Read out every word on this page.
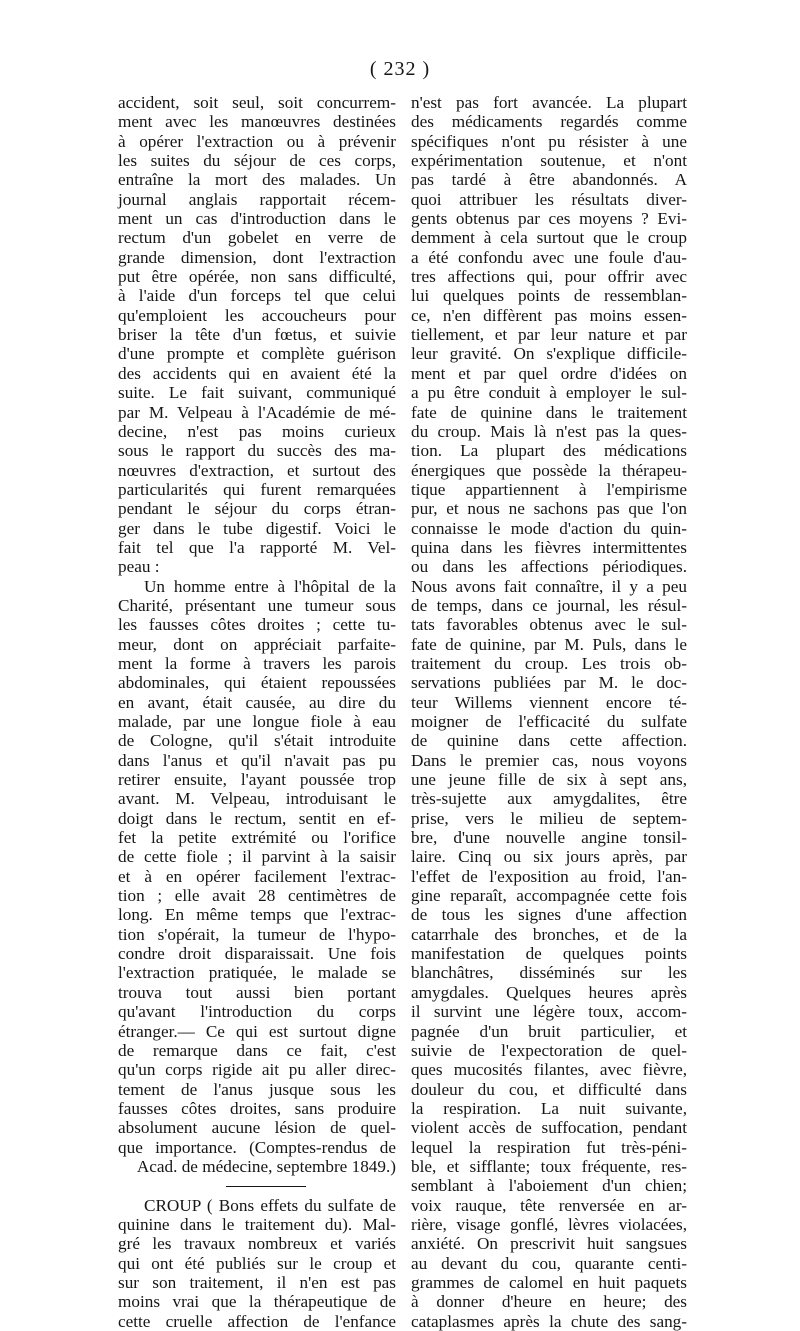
( 232 )
accident, soit seul, soit concurrem-
ment avec les manœuvres destinées
à opérer l'extraction ou à prévenir
les suites du séjour de ces corps,
entraîne la mort des malades. Un
journal anglais rapportait récem-
ment un cas d'introduction dans le
rectum d'un gobelet en verre de
grande dimension, dont l'extraction
put être opérée, non sans difficulté,
à l'aide d'un forceps tel que celui
qu'emploient les accoucheurs pour
briser la tête d'un fœtus, et suivie
d'une prompte et complète guérison
des accidents qui en avaient été la
suite. Le fait suivant, communiqué
par M. Velpeau à l'Académie de mé-
decine, n'est pas moins curieux
sous le rapport du succès des ma-
nœuvres d'extraction, et surtout des
particularités qui furent remarquées
pendant le séjour du corps étran-
ger dans le tube digestif. Voici le
fait tel que l'a rapporté M. Vel-
peau :
Un homme entre à l'hôpital de la
Charité, présentant une tumeur sous
les fausses côtes droites ; cette tu-
meur, dont on appréciait parfaite-
ment la forme à travers les parois
abdominales, qui étaient repoussées
en avant, était causée, au dire du
malade, par une longue fiole à eau
de Cologne, qu'il s'était introduite
dans l'anus et qu'il n'avait pas pu
retirer ensuite, l'ayant poussée trop
avant. M. Velpeau, introduisant le
doigt dans le rectum, sentit en ef-
fet la petite extrémité ou l'orifice
de cette fiole ; il parvint à la saisir
et à en opérer facilement l'extrac-
tion ; elle avait 28 centimètres de
long. En même temps que l'extrac-
tion s'opérait, la tumeur de l'hypo-
condre droit disparaissait. Une fois
l'extraction pratiquée, le malade se
trouva tout aussi bien portant
qu'avant l'introduction du corps
étranger.— Ce qui est surtout digne
de remarque dans ce fait, c'est
qu'un corps rigide ait pu aller direc-
tement de l'anus jusque sous les
fausses côtes droites, sans produire
absolument aucune lésion de quel-
que importance. (Comptes-rendus de
Acad. de médecine, septembre 1849.)
CROUP ( Bons effets du sulfate de
quinine dans le traitement du). Mal-
gré les travaux nombreux et variés
qui ont été publiés sur le croup et
sur son traitement, il n'en est pas
moins vrai que la thérapeutique de
cette cruelle affection de l'enfance
n'est pas fort avancée. La plupart
des médicaments regardés comme
spécifiques n'ont pu résister à une
expérimentation soutenue, et n'ont
pas tardé à être abandonnés. A
quoi attribuer les résultats diver-
gents obtenus par ces moyens ? Evi-
demment à cela surtout que le croup
a été confondu avec une foule d'au-
tres affections qui, pour offrir avec
lui quelques points de ressemblan-
ce, n'en diffèrent pas moins essen-
tiellement, et par leur nature et par
leur gravité. On s'explique difficile-
ment et par quel ordre d'idées on
a pu être conduit à employer le sul-
fate de quinine dans le traitement
du croup. Mais là n'est pas la ques-
tion. La plupart des médications
énergiques que possède la thérapeu-
tique appartiennent à l'empirisme
pur, et nous ne sachons pas que l'on
connaisse le mode d'action du quin-
quina dans les fièvres intermittentes
ou dans les affections périodiques.
Nous avons fait connaître, il y a peu
de temps, dans ce journal, les résul-
tats favorables obtenus avec le sul-
fate de quinine, par M. Puls, dans le
traitement du croup. Les trois ob-
servations publiées par M. le doc-
teur Willems viennent encore té-
moigner de l'efficacité du sulfate
de quinine dans cette affection.
Dans le premier cas, nous voyons
une jeune fille de six à sept ans,
très-sujette aux amygdalites, être
prise, vers le milieu de septem-
bre, d'une nouvelle angine tonsil-
laire. Cinq ou six jours après, par
l'effet de l'exposition au froid, l'an-
gine reparaît, accompagnée cette fois
de tous les signes d'une affection
catarrhale des bronches, et de la
manifestation de quelques points
blanchâtres, disséminés sur les
amygdales. Quelques heures après
il survint une légère toux, accom-
pagnée d'un bruit particulier, et
suivie de l'expectoration de quel-
ques mucosités filantes, avec fièvre,
douleur du cou, et difficulté dans
la respiration. La nuit suivante,
violent accès de suffocation, pendant
lequel la respiration fut très-péni-
ble, et sifflante; toux fréquente, res-
semblant à l'aboiement d'un chien;
voix rauque, tête renversée en ar-
rière, visage gonflé, lèvres violacées,
anxiété. On prescrivit huit sangsues
au devant du cou, quarante centi-
grammes de calomel en huit paquets
à donner d'heure en heure; des
cataplasmes après la chute des sang-
